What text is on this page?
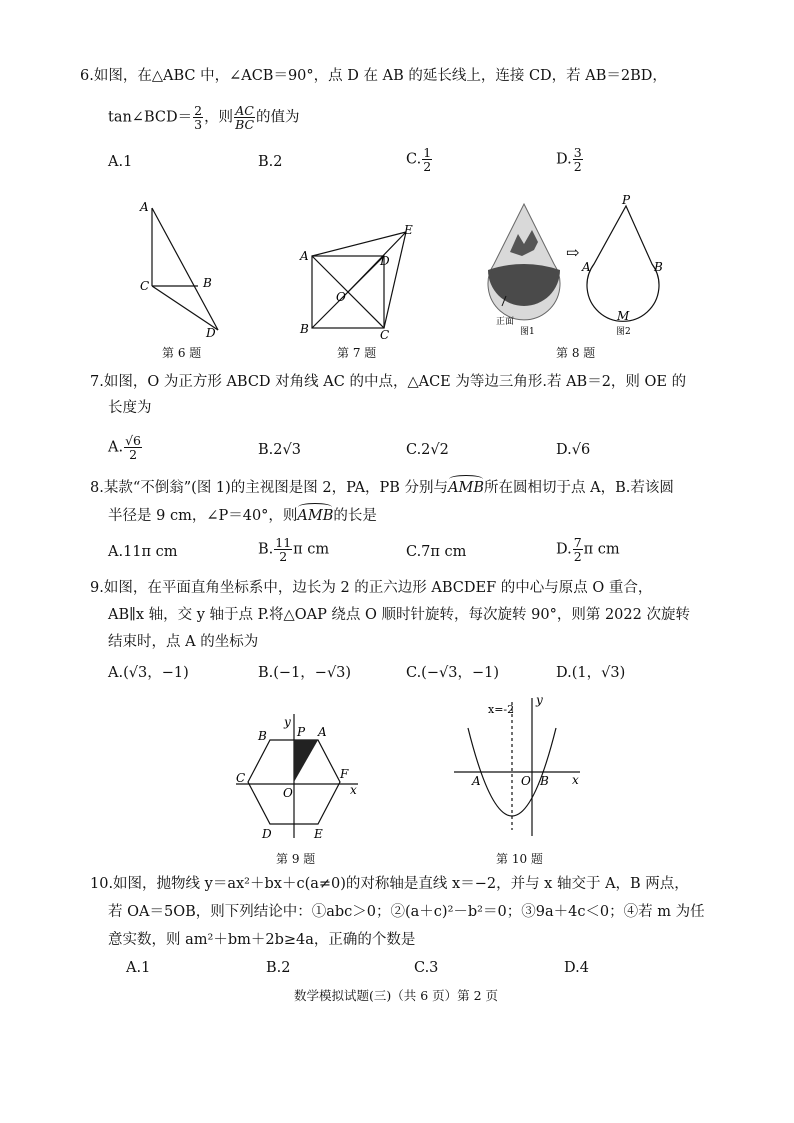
6.如图，在△ABC 中，∠ACB＝90°，点 D 在 AB 的延长线上，连接 CD，若 AB＝2BD，
tan∠BCD＝ $\frac{2}{3}$ ，则 $\frac{AC}{BC}$ 的值为
A.1	B.2	C. $\frac{1}{2}$	D. $\frac{3}{2}$
A
C	B
D
第 6 题
A
B	C
D
E
O
第 7 题
正面
图1
⇨
P
A	B
M
图2
第 8 题
7.如图，O 为正方形 ABCD 对角线 AC 的中点，△ACE 为等边三角形.若 AB＝2，则 OE 的
长度为
A. $\frac{√6}{2}$	B.2√3	C.2√2	D.√6
8.某款“不倒翁”(图 1)的主视图是图 2，PA，PB 分别与AMB所在圆相切于点 A，B.若该圆
半径是 9 cm，∠P＝40°，则AMB的长是
A.11π cm	B. $\frac{11}{2}$ π cm	C.7π cm	D. $\frac{7}{2}$ π cm
9.如图，在平面直角坐标系中，边长为 2 的正六边形 ABCDEF 的中心与原点 O 重合，
AB∥x 轴，交 y 轴于点 P.将△OAP 绕点 O 顺时针旋转，每次旋转 90°，则第 2022 次旋转
结束时，点 A 的坐标为
A.(√3，−1)	B.(−1，−√3)	C.(−√3，−1)	D.(1，√3)
y
x
B	P A
C	F
O
D	E
第 9 题
x=-2
y
x
A	O B
第 10 题
10.如图，抛物线 y＝ax²＋bx＋c(a≠0)的对称轴是直线 x＝−2，并与 x 轴交于 A，B 两点，
若 OA＝5OB，则下列结论中：①abc＞0；②(a＋c)²－b²＝0；③9a＋4c＜0；④若 m 为任
意实数，则 am²＋bm＋2b≥4a，正确的个数是
A.1	B.2	C.3	D.4
数学模拟试题(三)（共 6 页）第 2 页
